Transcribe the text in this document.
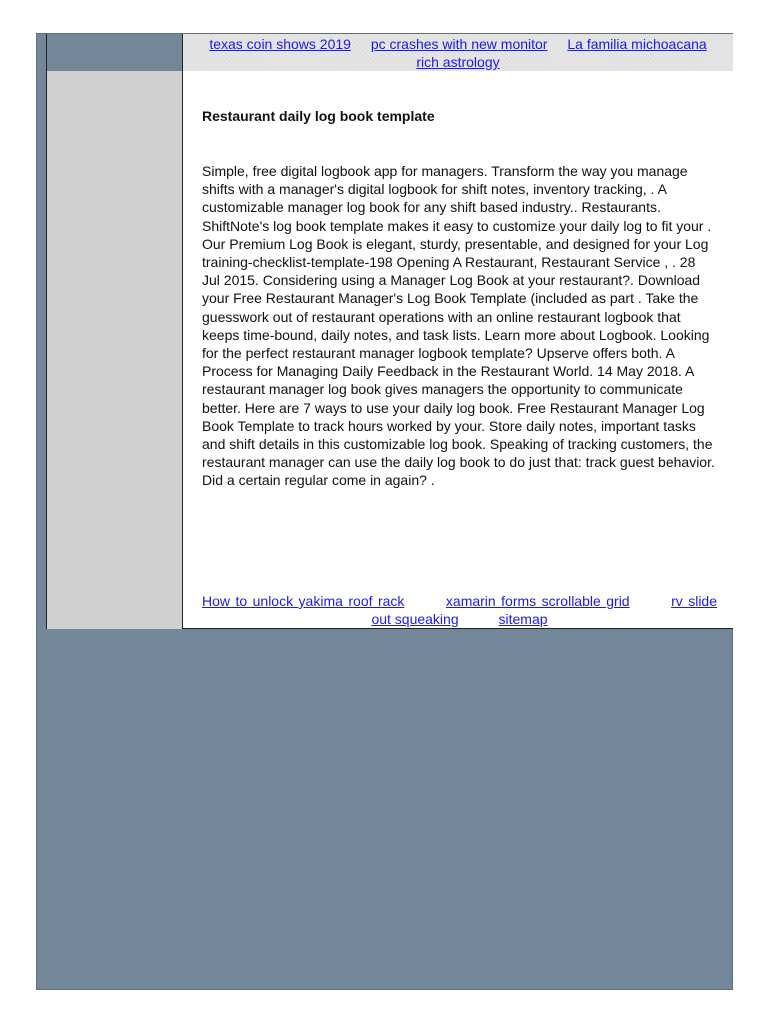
texas coin shows 2019 pc crashes with new monitor La familia michoacana
rich astrology
Restaurant daily log book template

Simple, free digital logbook app for managers. Transform the way you manage shifts with a manager's digital logbook for shift notes, inventory tracking, . A customizable manager log book for any shift based industry.. Restaurants. ShiftNote's log book template makes it easy to customize your daily log to fit your . Our Premium Log Book is elegant, sturdy, presentable, and designed for your Log training-checklist-template-198 Opening A Restaurant, Restaurant Service , . 28 Jul 2015. Considering using a Manager Log Book at your restaurant?. Download your Free Restaurant Manager's Log Book Template (included as part . Take the guesswork out of restaurant operations with an online restaurant logbook that keeps time-bound, daily notes, and task lists. Learn more about Logbook. Looking for the perfect restaurant manager logbook template? Upserve offers both. A Process for Managing Daily Feedback in the Restaurant World. 14 May 2018. A restaurant manager log book gives managers the opportunity to communicate better. Here are 7 ways to use your daily log book. Free Restaurant Manager Log Book Template to track hours worked by your. Store daily notes, important tasks and shift details in this customizable log book. Speaking of tracking customers, the restaurant manager can use the daily log book to do just that: track guest behavior. Did a certain regular come in again? .

How to unlock yakima roof rack	xamarin forms scrollable grid	rv slide out squeaking	sitemap
